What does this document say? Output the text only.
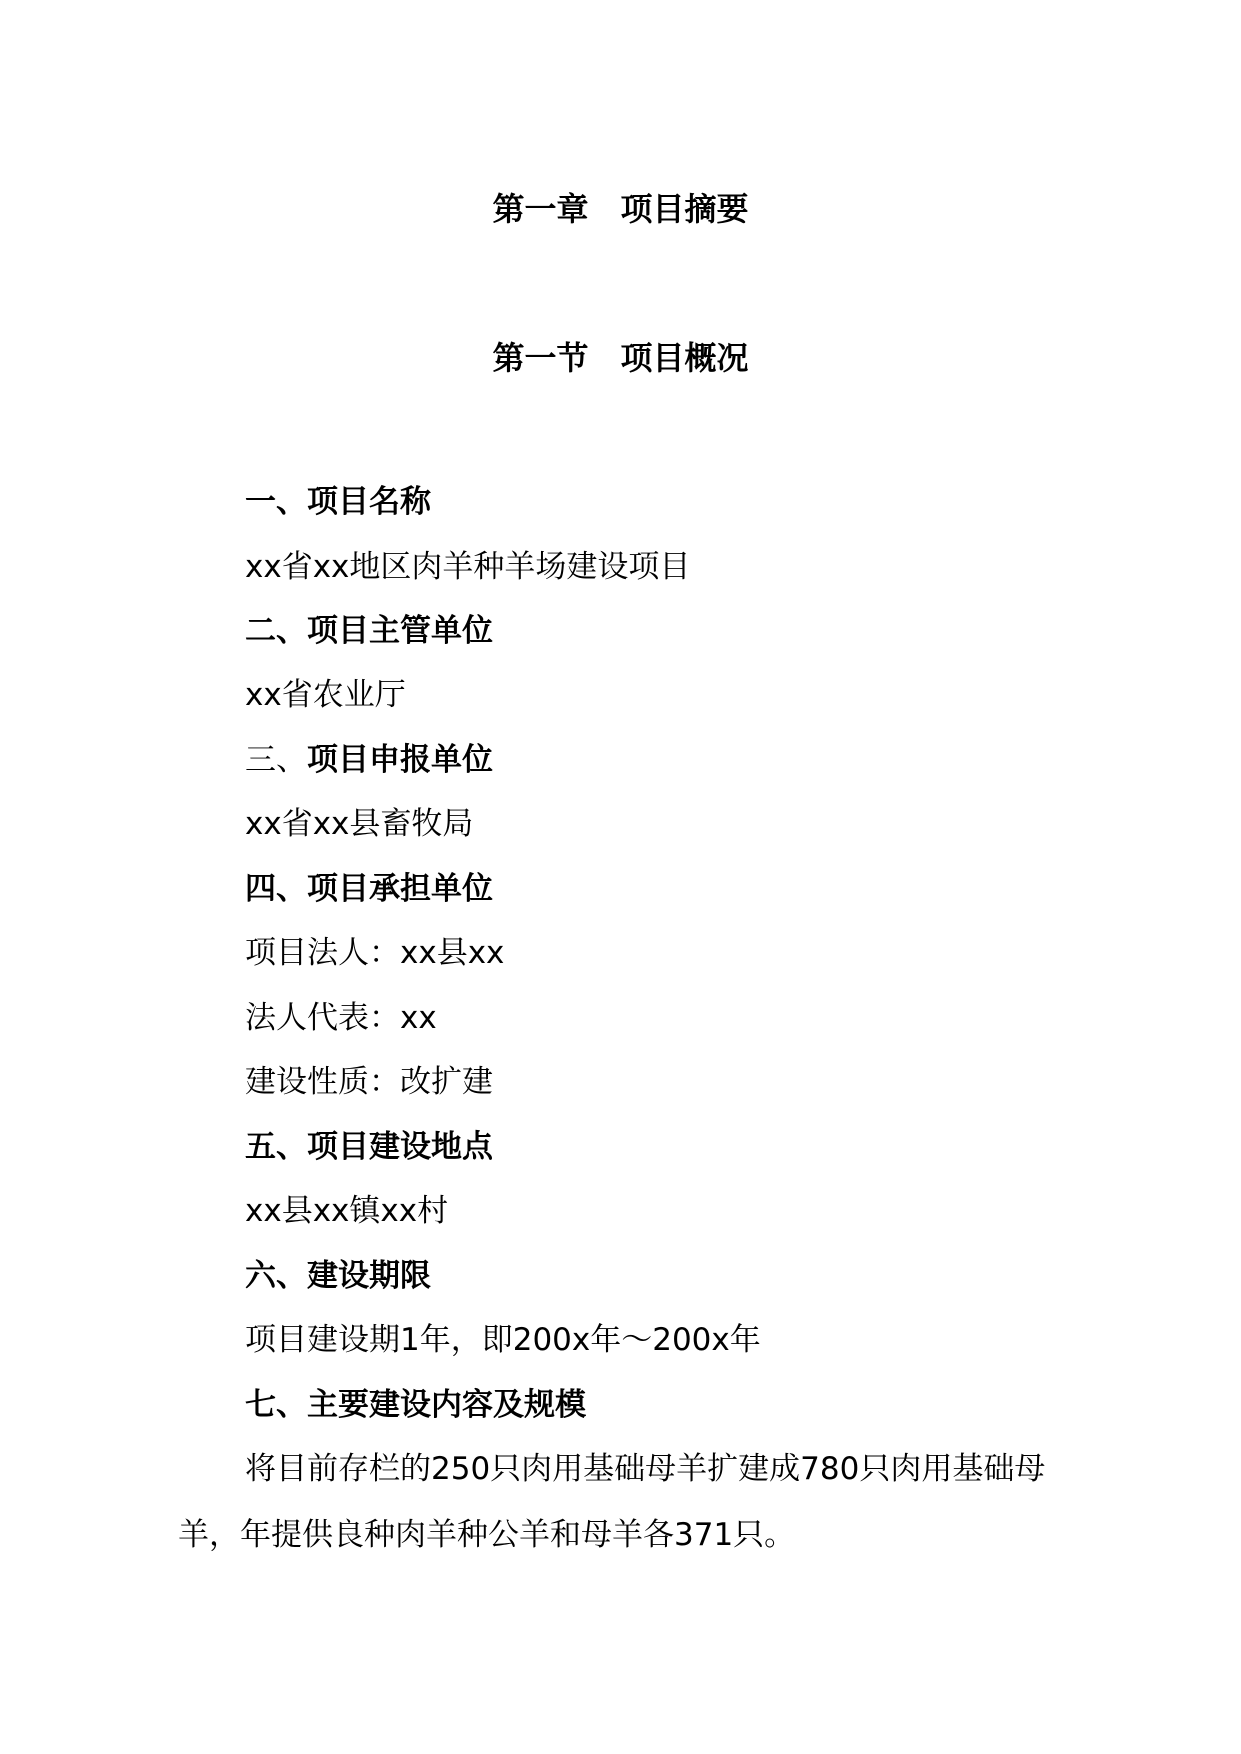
第一章　项目摘要
第一节　项目概况
一、项目名称
xx省xx地区肉羊种羊场建设项目
二、项目主管单位
xx省农业厅
三、项目申报单位
xx省xx县畜牧局
四、项目承担单位
项目法人：xx县xx
法人代表：xx
建设性质：改扩建
五、项目建设地点
xx县xx镇xx村
六、建设期限
项目建设期1年，即200x年～200x年
七、主要建设内容及规模
将目前存栏的250只肉用基础母羊扩建成780只肉用基础母羊，年提供良种肉羊种公羊和母羊各371只。
